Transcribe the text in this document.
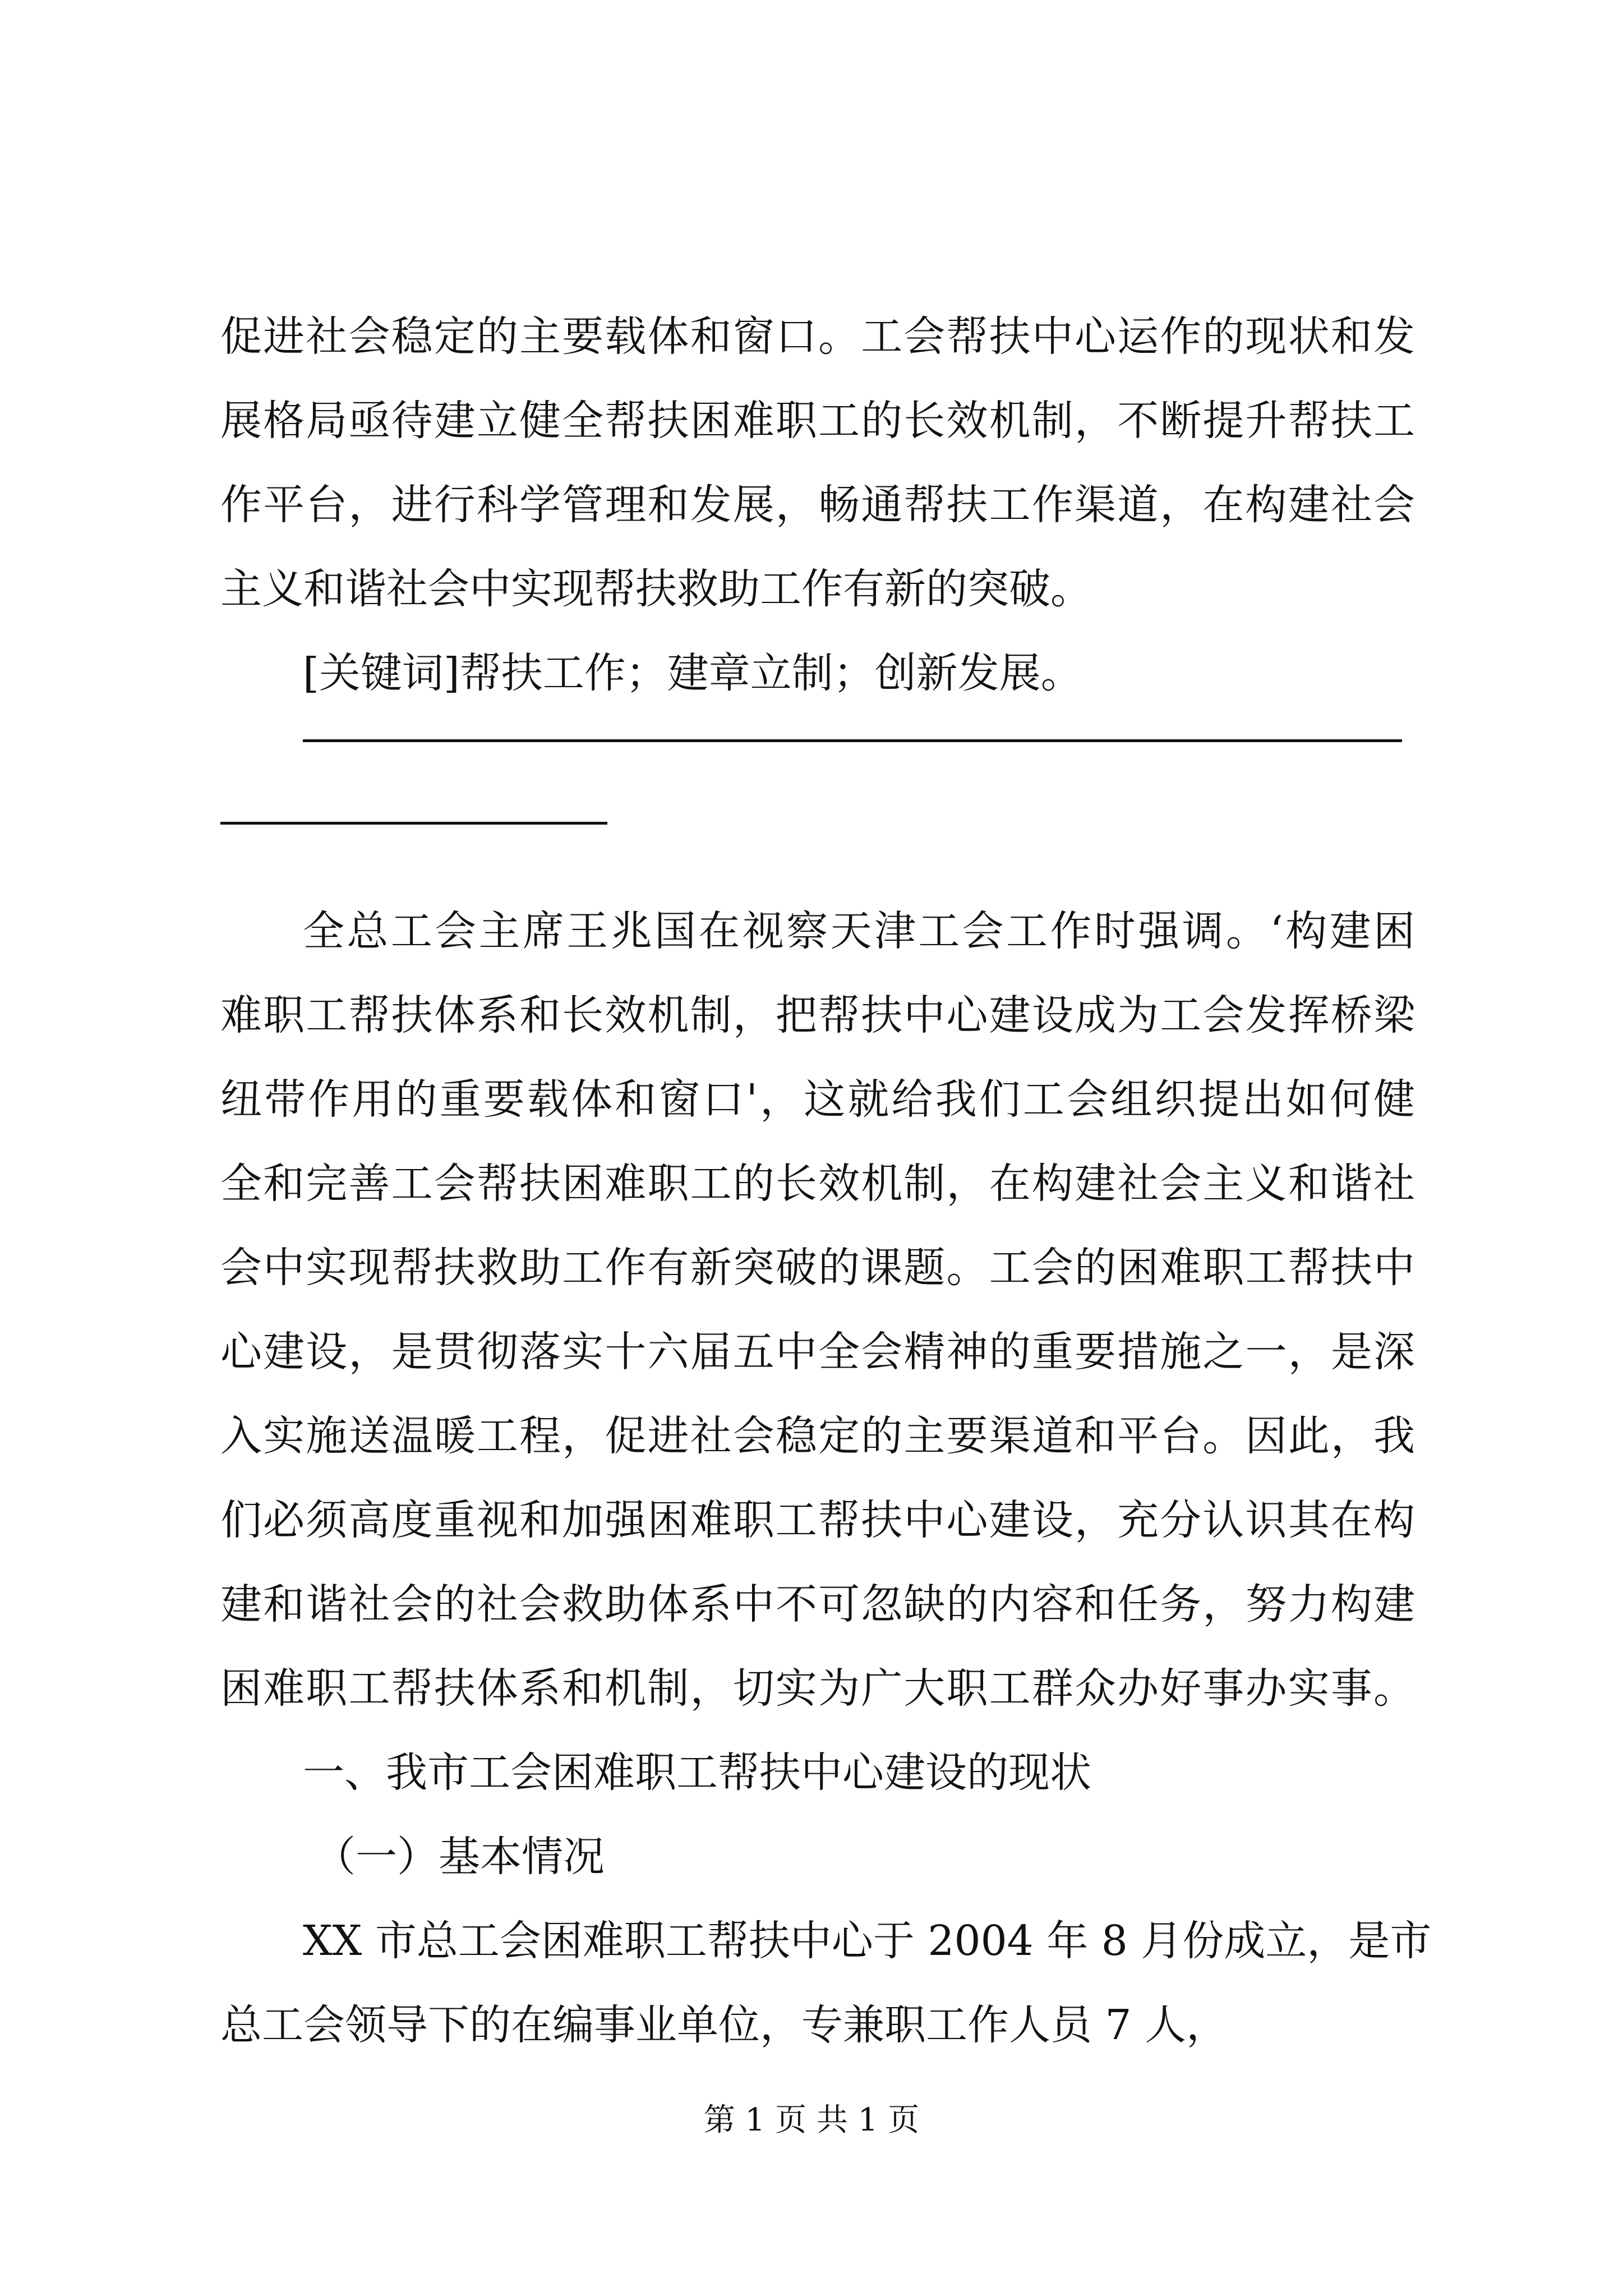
促进社会稳定的主要载体和窗口。工会帮扶中心运作的现状和发
展格局亟待建立健全帮扶困难职工的长效机制，不断提升帮扶工
作平台，进行科学管理和发展，畅通帮扶工作渠道，在构建社会
主义和谐社会中实现帮扶救助工作有新的突破。
[关键词]帮扶工作；建章立制；创新发展。
全总工会主席王兆国在视察天津工会工作时强调。‘构建困
难职工帮扶体系和长效机制，把帮扶中心建设成为工会发挥桥梁
纽带作用的重要载体和窗口'，这就给我们工会组织提出如何健
全和完善工会帮扶困难职工的长效机制，在构建社会主义和谐社
会中实现帮扶救助工作有新突破的课题。工会的困难职工帮扶中
心建设，是贯彻落实十六届五中全会精神的重要措施之一，是深
入实施送温暖工程，促进社会稳定的主要渠道和平台。因此，我
们必须高度重视和加强困难职工帮扶中心建设，充分认识其在构
建和谐社会的社会救助体系中不可忽缺的内容和任务，努力构建
困难职工帮扶体系和机制，切实为广大职工群众办好事办实事。
一、我市工会困难职工帮扶中心建设的现状
（一）基本情况
XX 市总工会困难职工帮扶中心于 2004 年 8 月份成立，是市
总工会领导下的在编事业单位，专兼职工作人员 7 人，
第 1 页 共 1 页
